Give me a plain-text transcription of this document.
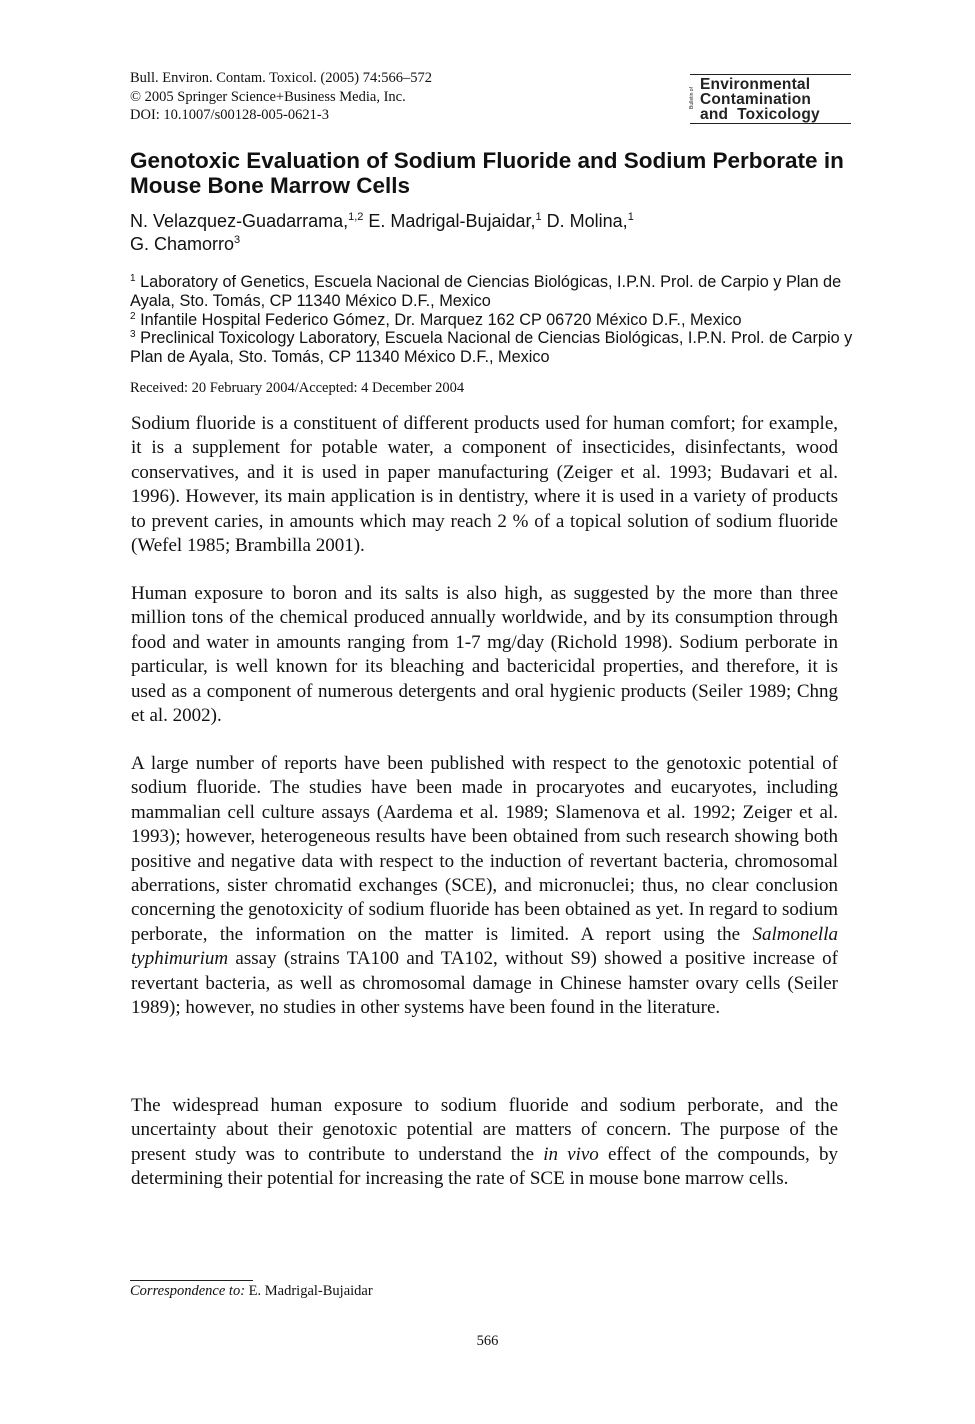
Bull. Environ. Contam. Toxicol. (2005) 74:566–572
© 2005 Springer Science+Business Media, Inc.
DOI: 10.1007/s00128-005-0621-3
Bulletin of
Environmental
Contamination
and  Toxicology
Genotoxic Evaluation of Sodium Fluoride and Sodium Perborate in Mouse Bone Marrow Cells
N. Velazquez-Guadarrama,$^{1,2}$ E. Madrigal-Bujaidar,$^1$ D. Molina,$^1$
G. Chamorro$^3$
$^1$ Laboratory of Genetics, Escuela Nacional de Ciencias Biológicas, I.P.N. Prol. de Carpio y Plan de Ayala, Sto. Tomás, CP 11340 México D.F., Mexico
$^2$ Infantile Hospital Federico Gómez, Dr. Marquez 162 CP 06720 México D.F., Mexico
$^3$ Preclinical Toxicology Laboratory, Escuela Nacional de Ciencias Biológicas, I.P.N. Prol. de Carpio y Plan de Ayala, Sto. Tomás, CP 11340 México D.F., Mexico
Received: 20 February 2004/Accepted: 4 December 2004
Sodium fluoride is a constituent of different products used for human comfort; for example, it is a supplement for potable water, a component of insecticides, disinfectants, wood conservatives, and it is used in paper manufacturing (Zeiger et al. 1993; Budavari et al. 1996). However, its main application is in dentistry, where it is used in a variety of products to prevent caries, in amounts which may reach 2 % of a topical solution of sodium fluoride (Wefel 1985; Brambilla 2001).
Human exposure to boron and its salts is also high, as suggested by the more than three million tons of the chemical produced annually worldwide, and by its consumption through food and water in amounts ranging from 1-7 mg/day (Richold 1998). Sodium perborate in particular, is well known for its bleaching and bactericidal properties, and therefore, it is used as a component of numerous detergents and oral hygienic products (Seiler 1989; Chng et al. 2002).
A large number of reports have been published with respect to the genotoxic potential of sodium fluoride. The studies have been made in procaryotes and eucaryotes, including mammalian cell culture assays (Aardema et al. 1989; Slamenova et al. 1992; Zeiger et al. 1993); however, heterogeneous results have been obtained from such research showing both positive and negative data with respect to the induction of revertant bacteria, chromosomal aberrations, sister chromatid exchanges (SCE), and micronuclei; thus, no clear conclusion concerning the genotoxicity of sodium fluoride has been obtained as yet. In regard to sodium perborate, the information on the matter is limited. A report using the Salmonella typhimurium assay (strains TA100 and TA102, without S9) showed a positive increase of revertant bacteria, as well as chromosomal damage in Chinese hamster ovary cells (Seiler 1989); however, no studies in other systems have been found in the literature.
The widespread human exposure to sodium fluoride and sodium perborate, and the uncertainty about their genotoxic potential are matters of concern. The purpose of the present study was to contribute to understand the in vivo effect of the compounds, by determining their potential for increasing the rate of SCE in mouse bone marrow cells.
Correspondence to: E. Madrigal-Bujaidar
566
